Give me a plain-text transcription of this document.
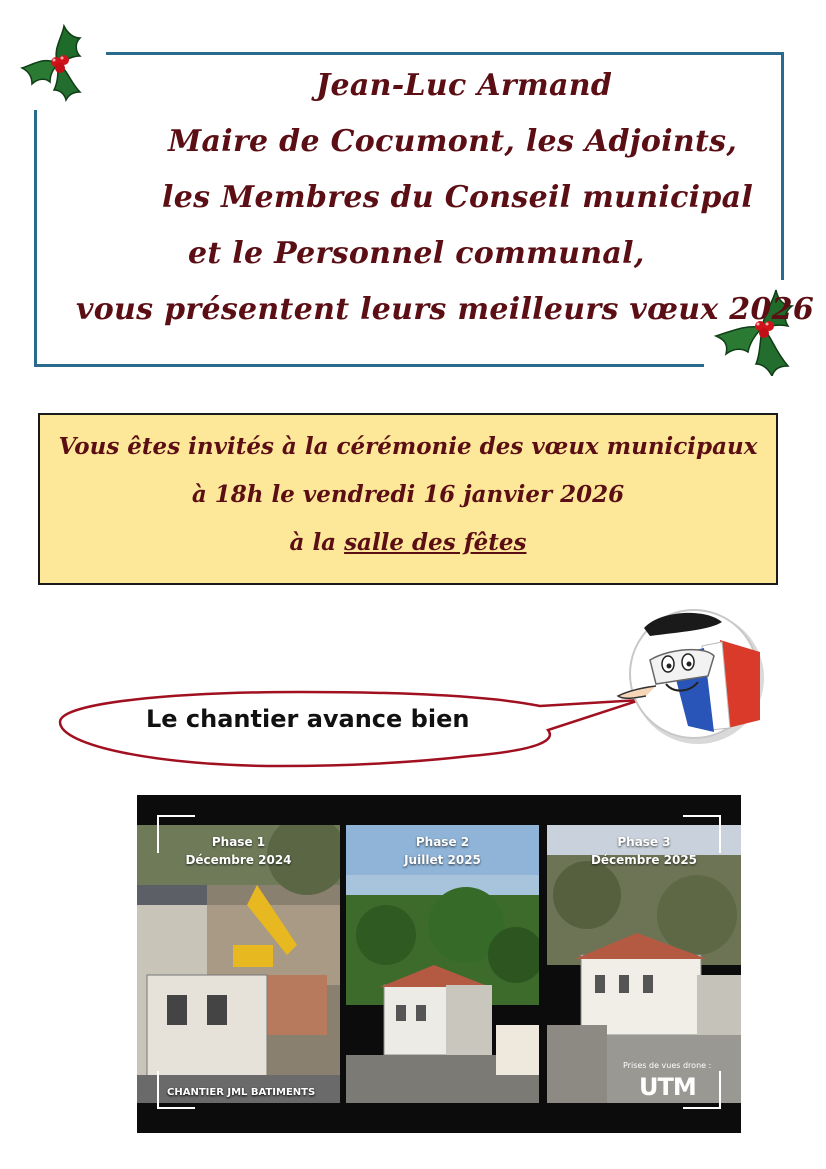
Jean-Luc Armand
Maire de Cocumont, les Adjoints,
les Membres du Conseil municipal
et le Personnel communal,
vous présentent leurs meilleurs vœux 2026
Vous êtes invités à la cérémonie des vœux municipaux
à 18h le vendredi 16 janvier 2026
à la salle des fêtes
Le chantier avance bien
Phase 1
Décembre 2024
CHANTIER JML BATIMENTS
Phase 2
Juillet 2025
Phase 3
Décembre 2025
Prises de vues drone :
UTM
